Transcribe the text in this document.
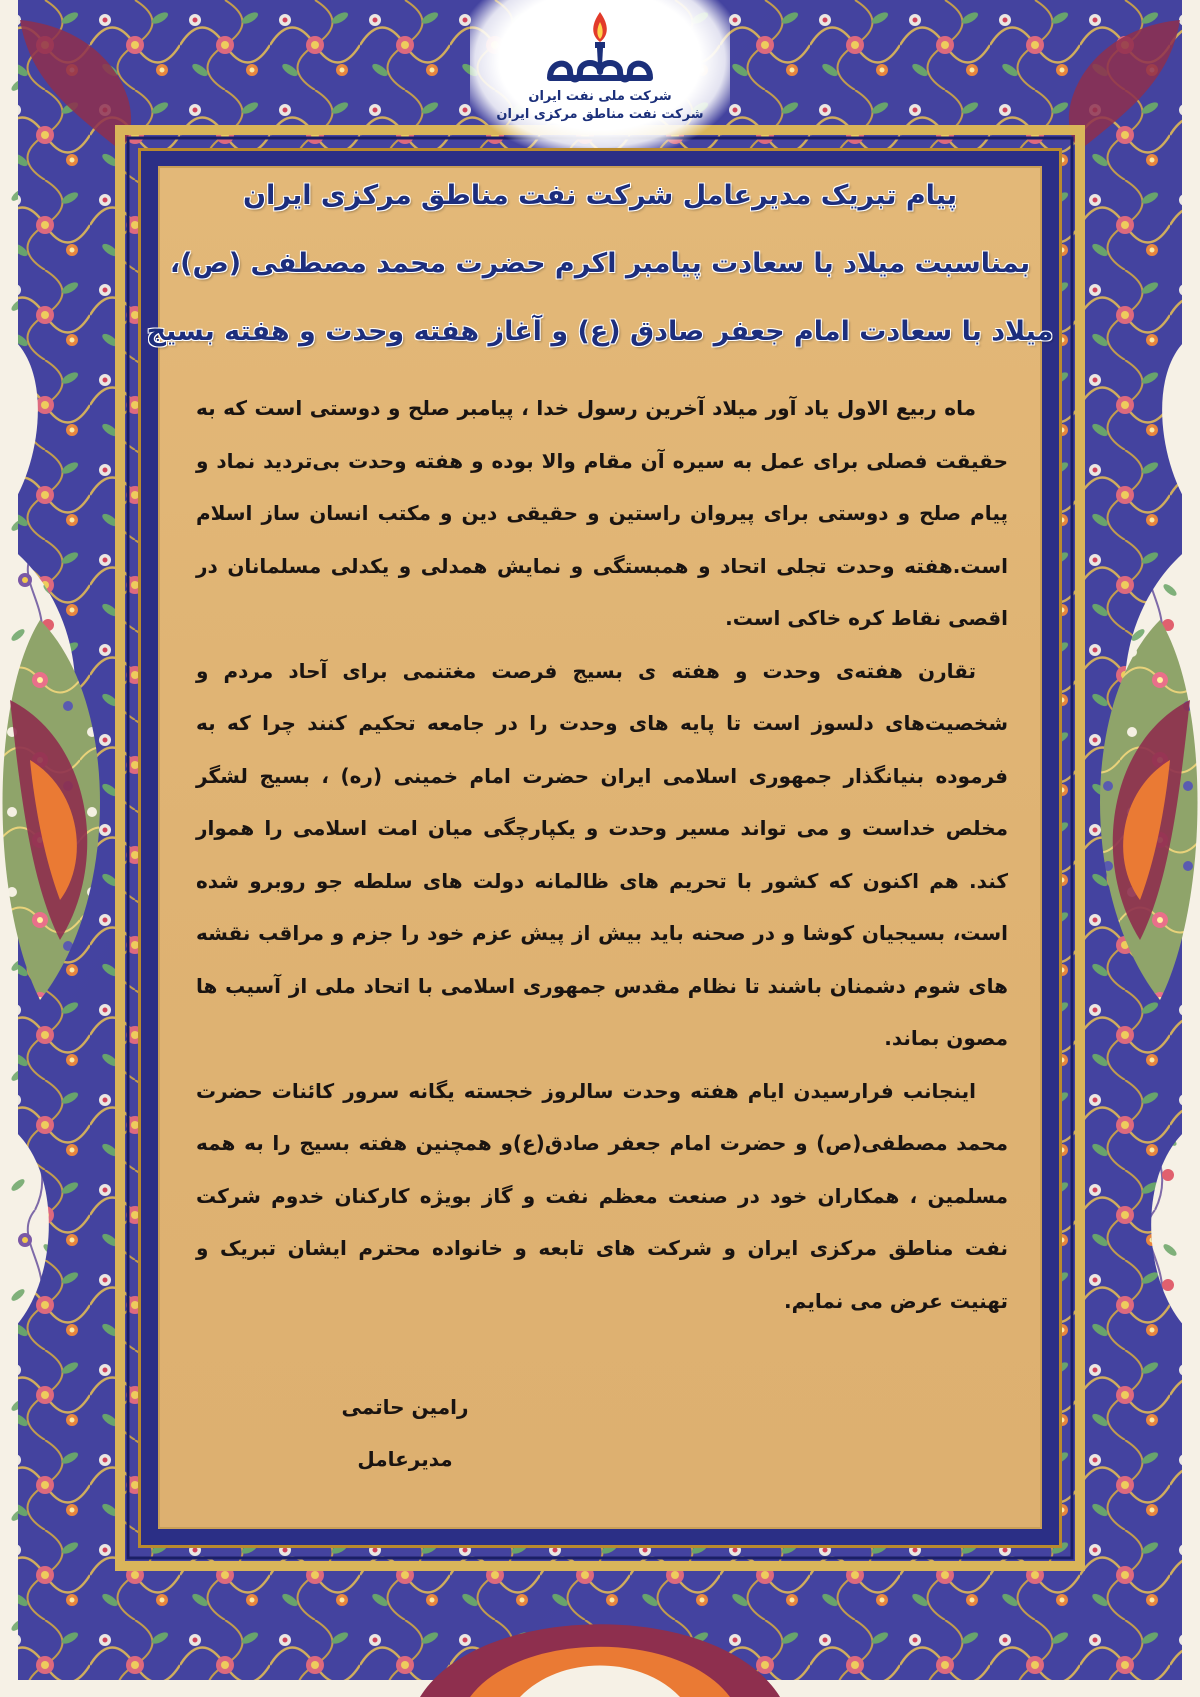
شرکت ملی نفت ایران

شرکت نفت مناطق مرکزی ایران

پیام تبریک مدیرعامل شرکت نفت مناطق مرکزی ایران
بمناسبت میلاد با سعادت پیامبر اکرم حضرت محمد مصطفی (ص)،
میلاد با سعادت امام جعفر صادق (ع) و آغاز هفته وحدت و هفته بسیج

ماه ربیع الاول یاد آور میلاد آخرین رسول خدا ، پیامبر صلح و دوستی است که به حقیقت فصلی برای عمل به سیره آن مقام والا بوده و هفته وحدت بی‌تردید نماد و پیام صلح و دوستی برای پیروان راستین و حقیقی دین و مکتب انسان ساز اسلام است.هفته وحدت تجلی اتحاد و همبستگی و نمایش همدلی و یکدلی مسلمانان در اقصی نقاط کره خاکی است.

تقارن هفته‌ی وحدت و هفته ی بسیج فرصت مغتنمی برای آحاد مردم و شخصیت‌های دلسوز است تا پایه های وحدت را در جامعه تحکیم کنند چرا که به فرموده بنیانگذار جمهوری اسلامی ایران حضرت امام خمینی (ره) ، بسیج لشگر مخلص خداست و می تواند مسیر وحدت و یکپارچگی میان امت اسلامی را هموار کند. هم اکنون که کشور با تحریم های ظالمانه دولت های سلطه جو روبرو شده است، بسیجیان کوشا و در صحنه باید بیش از پیش عزم خود را جزم و مراقب نقشه های شوم دشمنان باشند تا نظام مقدس جمهوری اسلامی با اتحاد ملی از آسیب ها مصون بماند.

اینجانب فرارسیدن ایام هفته وحدت سالروز خجسته یگانه سرور کائنات حضرت محمد مصطفی(ص) و حضرت امام جعفر صادق(ع)و همچنین هفته بسیج را به همه مسلمین ، همکاران خود در صنعت معظم نفت و گاز بویژه کارکنان خدوم شرکت نفت مناطق مرکزی ایران و شرکت های تابعه و خانواده محترم ایشان تبریک و تهنیت عرض می نمایم.

رامین حاتمی
مدیرعامل
